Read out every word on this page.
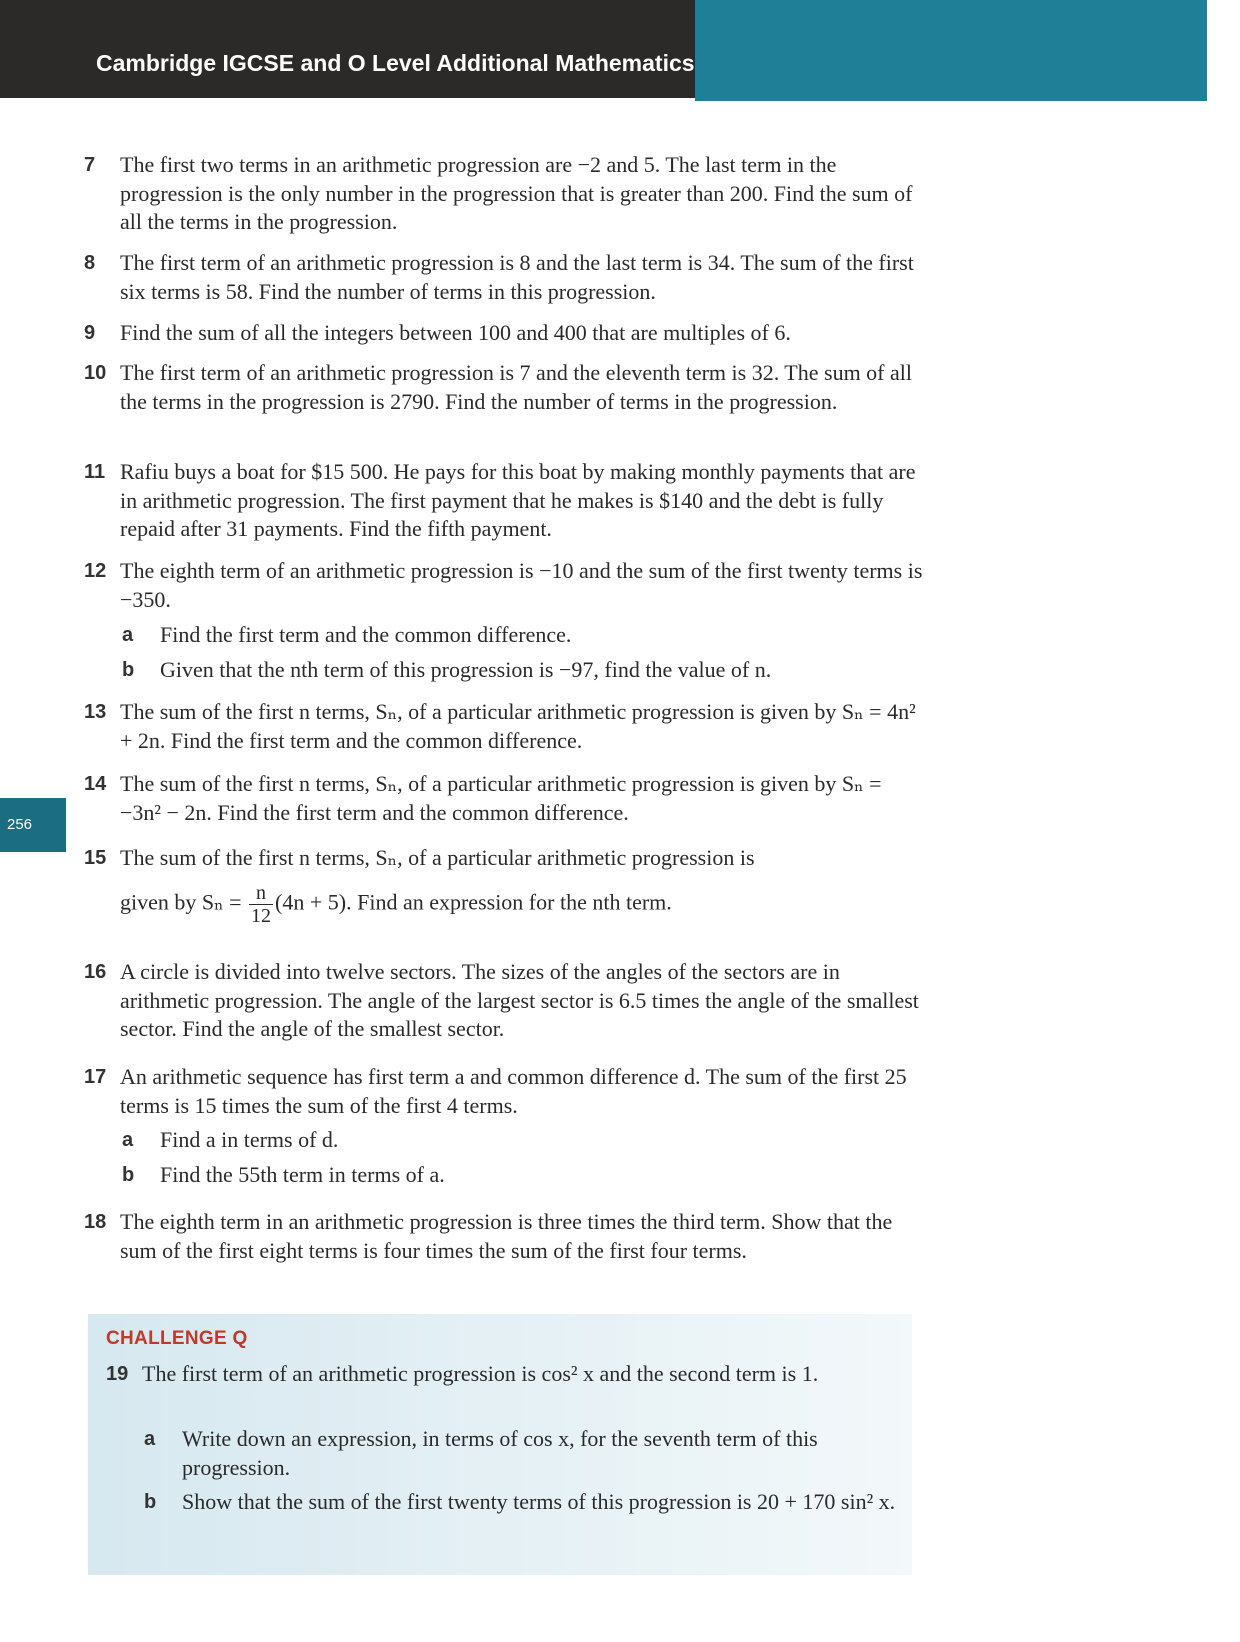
Cambridge IGCSE and O Level Additional Mathematics
256
7 The first two terms in an arithmetic progression are −2 and 5. The last term in the progression is the only number in the progression that is greater than 200. Find the sum of all the terms in the progression.
8 The first term of an arithmetic progression is 8 and the last term is 34. The sum of the first six terms is 58. Find the number of terms in this progression.
9 Find the sum of all the integers between 100 and 400 that are multiples of 6.
10 The first term of an arithmetic progression is 7 and the eleventh term is 32. The sum of all the terms in the progression is 2790. Find the number of terms in the progression.
11 Rafiu buys a boat for $15 500. He pays for this boat by making monthly payments that are in arithmetic progression. The first payment that he makes is $140 and the debt is fully repaid after 31 payments. Find the fifth payment.
12 The eighth term of an arithmetic progression is −10 and the sum of the first twenty terms is −350.
a Find the first term and the common difference.
b Given that the nth term of this progression is −97, find the value of n.
13 The sum of the first n terms, Sₙ, of a particular arithmetic progression is given by Sₙ = 4n² + 2n. Find the first term and the common difference.
14 The sum of the first n terms, Sₙ, of a particular arithmetic progression is given by Sₙ = −3n² − 2n. Find the first term and the common difference.
15 The sum of the first n terms, Sₙ, of a particular arithmetic progression is
given by $S_n = \frac{n}{12} (4n + 5)$. Find an expression for the nth term.
16 A circle is divided into twelve sectors. The sizes of the angles of the sectors are in arithmetic progression. The angle of the largest sector is 6.5 times the angle of the smallest sector. Find the angle of the smallest sector.
17 An arithmetic sequence has first term a and common difference d. The sum of the first 25 terms is 15 times the sum of the first 4 terms.
a Find a in terms of d.
b Find the 55th term in terms of a.
18 The eighth term in an arithmetic progression is three times the third term. Show that the sum of the first eight terms is four times the sum of the first four terms.
CHALLENGE Q
19 The first term of an arithmetic progression is cos² x and the second term is 1.
a Write down an expression, in terms of cos x, for the seventh term of this progression.
b Show that the sum of the first twenty terms of this progression is 20 + 170 sin² x.
